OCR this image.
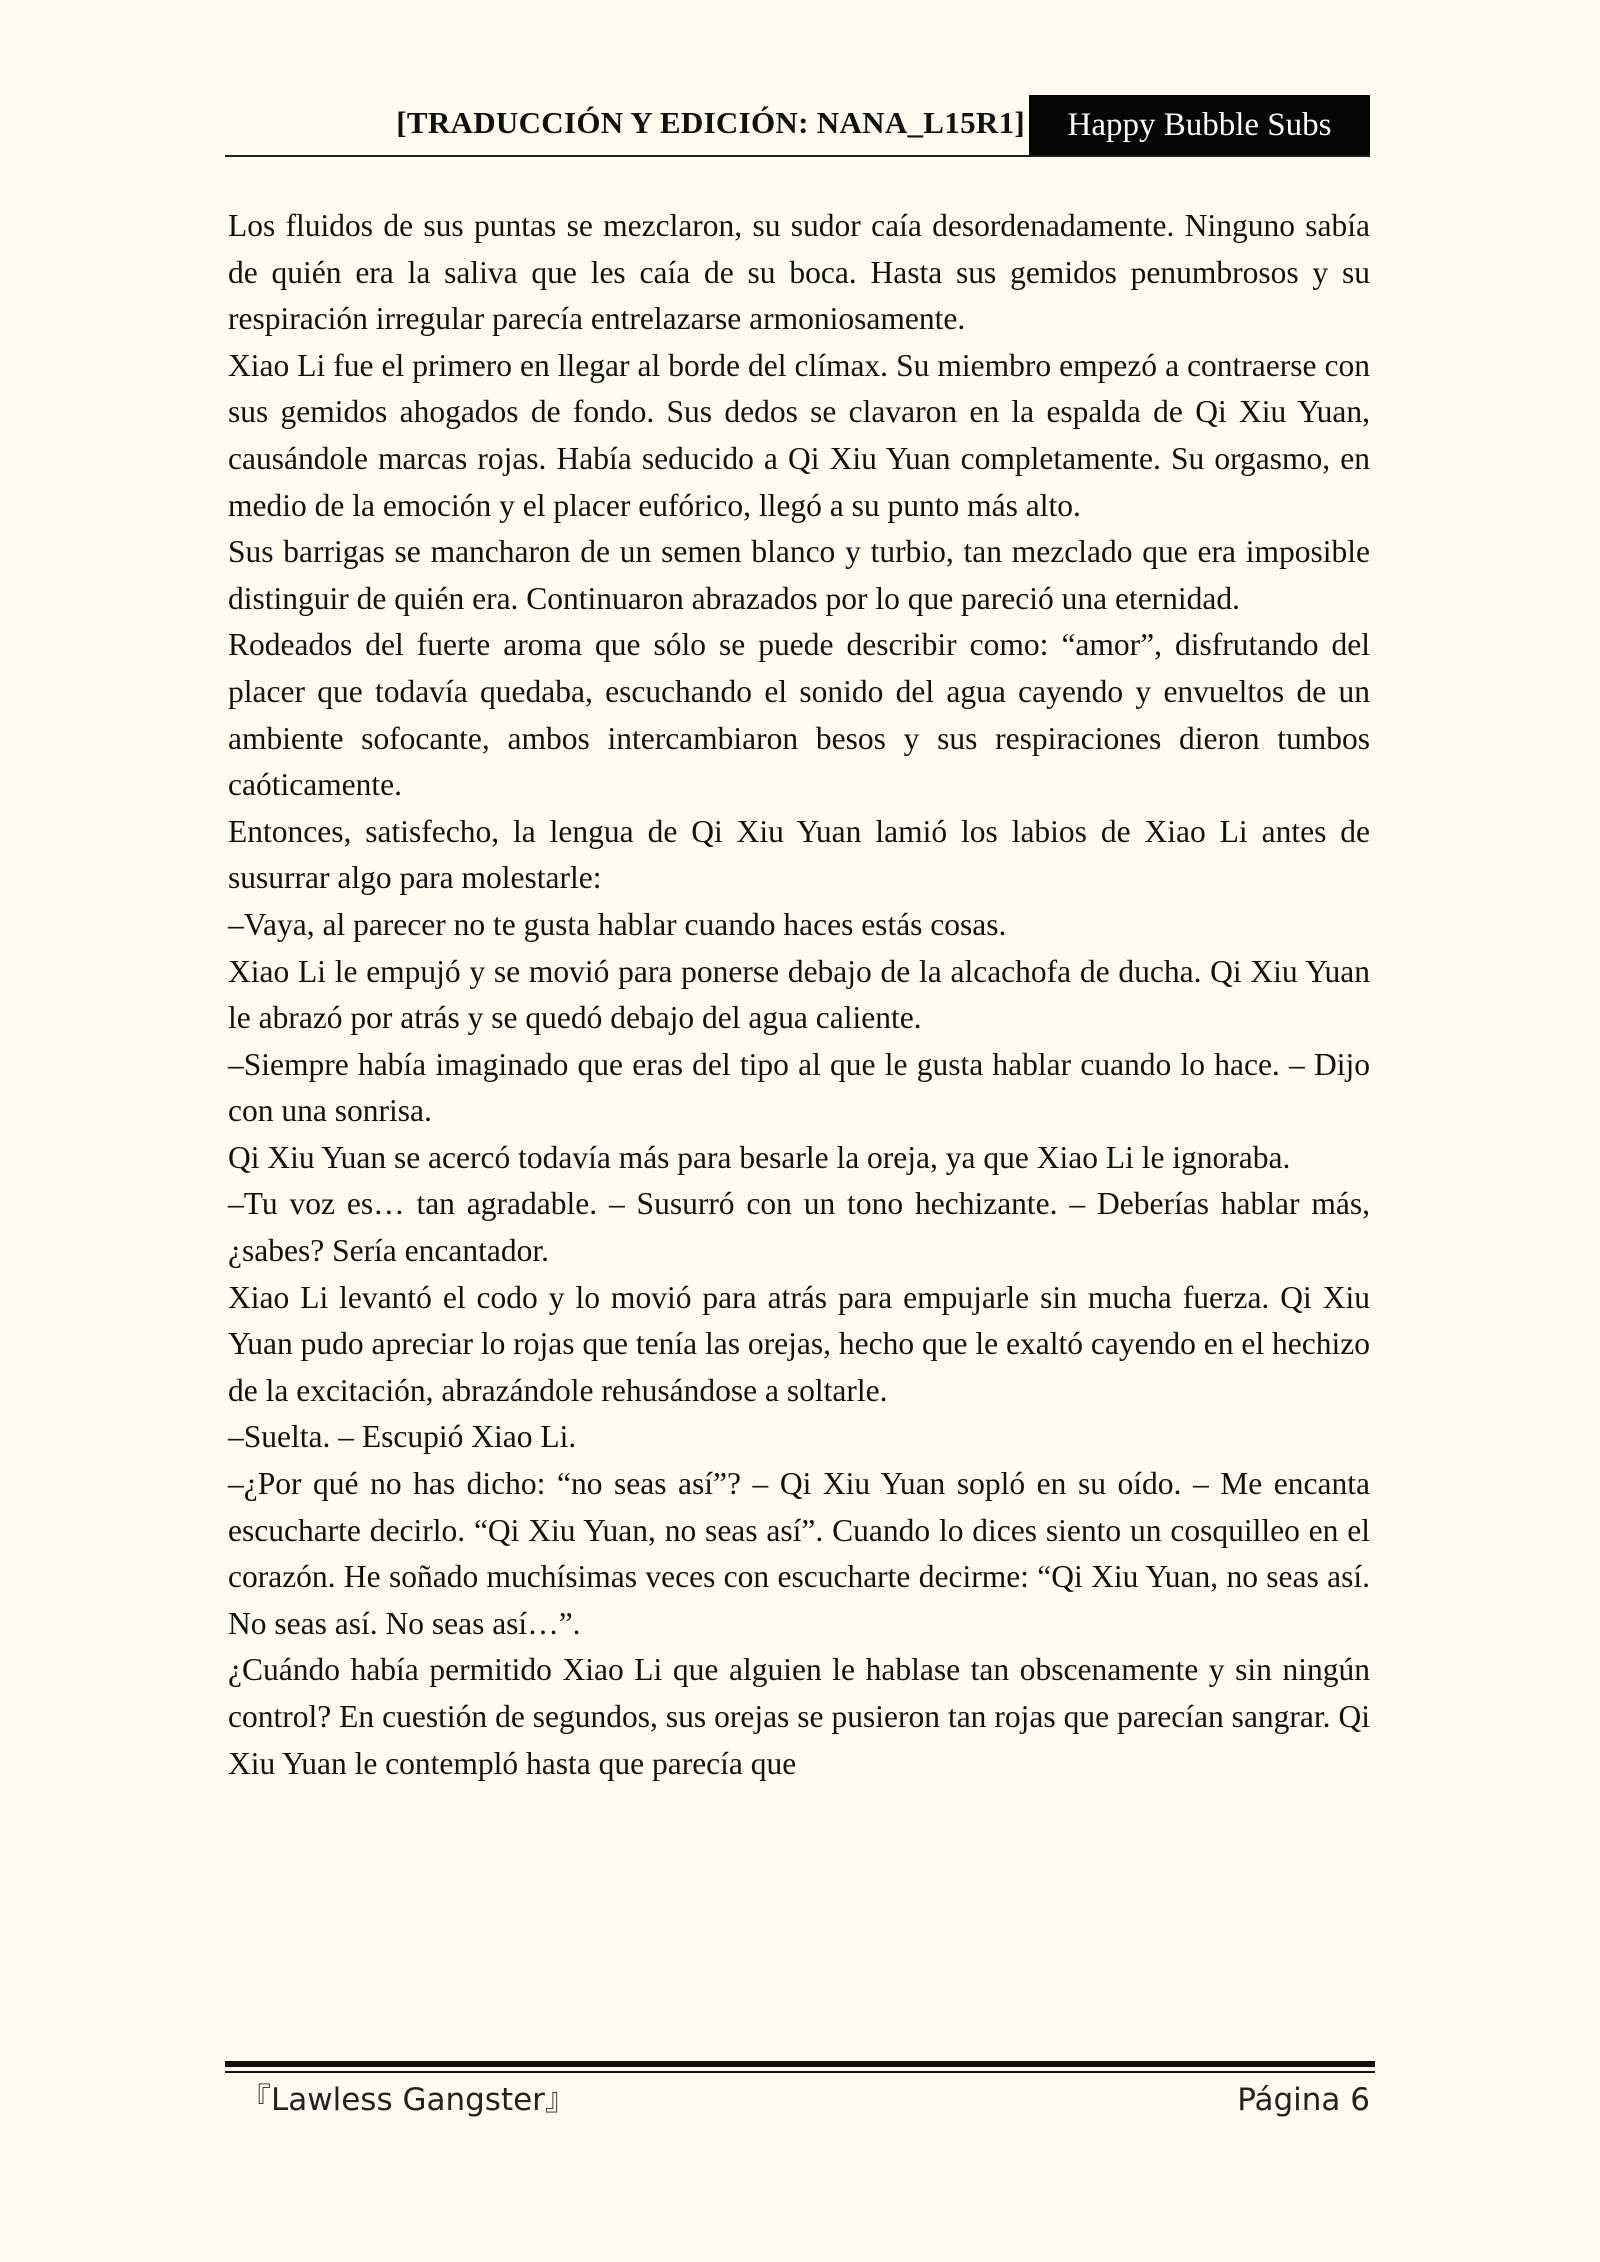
[TRADUCCIÓN Y EDICIÓN: NANA_L15R1]	Happy Bubble Subs

Los fluidos de sus puntas se mezclaron, su sudor caía desordenadamente. Ninguno sabía de quién era la saliva que les caía de su boca. Hasta sus gemidos penumbrosos y su respiración irregular parecía entrelazarse armoniosamente.

Xiao Li fue el primero en llegar al borde del clímax. Su miembro empezó a contraerse con sus gemidos ahogados de fondo. Sus dedos se clavaron en la espalda de Qi Xiu Yuan, causándole marcas rojas. Había seducido a Qi Xiu Yuan completamente. Su orgasmo, en medio de la emoción y el placer eufórico, llegó a su punto más alto.

Sus barrigas se mancharon de un semen blanco y turbio, tan mezclado que era imposible distinguir de quién era. Continuaron abrazados por lo que pareció una eternidad.

Rodeados del fuerte aroma que sólo se puede describir como: “amor”, disfrutando del placer que todavía quedaba, escuchando el sonido del agua cayendo y envueltos de un ambiente sofocante, ambos intercambiaron besos y sus respiraciones dieron tumbos caóticamente.

Entonces, satisfecho, la lengua de Qi Xiu Yuan lamió los labios de Xiao Li antes de susurrar algo para molestarle:

–Vaya, al parecer no te gusta hablar cuando haces estás cosas.

Xiao Li le empujó y se movió para ponerse debajo de la alcachofa de ducha. Qi Xiu Yuan le abrazó por atrás y se quedó debajo del agua caliente.

–Siempre había imaginado que eras del tipo al que le gusta hablar cuando lo hace. – Dijo con una sonrisa.

Qi Xiu Yuan se acercó todavía más para besarle la oreja, ya que Xiao Li le ignoraba.

–Tu voz es… tan agradable. – Susurró con un tono hechizante. – Deberías hablar más, ¿sabes? Sería encantador.

Xiao Li levantó el codo y lo movió para atrás para empujarle sin mucha fuerza. Qi Xiu Yuan pudo apreciar lo rojas que tenía las orejas, hecho que le exaltó cayendo en el hechizo de la excitación, abrazándole rehusándose a soltarle.

–Suelta. – Escupió Xiao Li.

–¿Por qué no has dicho: “no seas así”? – Qi Xiu Yuan sopló en su oído. – Me encanta escucharte decirlo. “Qi Xiu Yuan, no seas así”. Cuando lo dices siento un cosquilleo en el corazón. He soñado muchísimas veces con escucharte decirme: “Qi Xiu Yuan, no seas así. No seas así. No seas así…”.

¿Cuándo había permitido Xiao Li que alguien le hablase tan obscenamente y sin ningún control? En cuestión de segundos, sus orejas se pusieron tan rojas que parecían sangrar. Qi Xiu Yuan le contempló hasta que parecía que

『Lawless Gangster』	Página 6
